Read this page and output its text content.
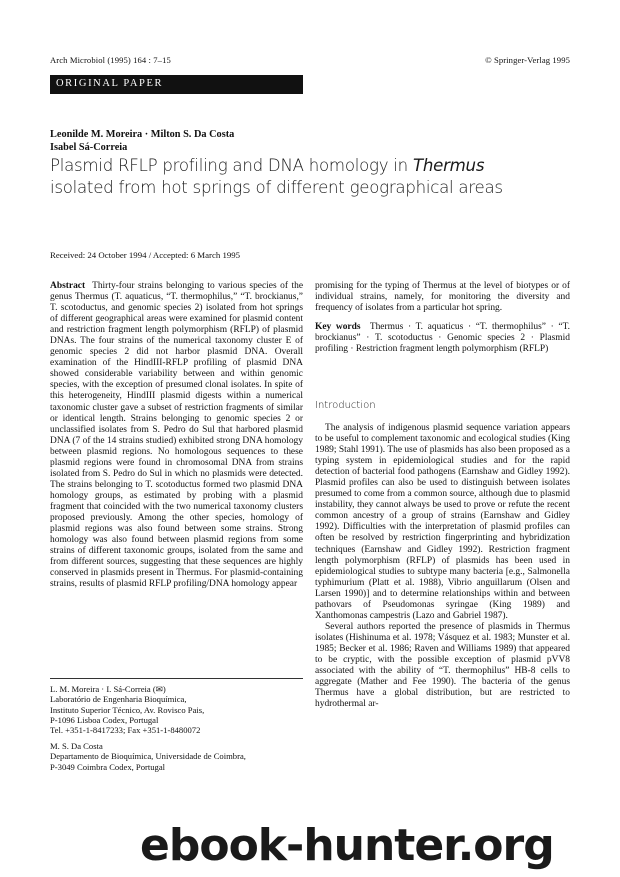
Arch Microbiol (1995) 164 : 7–15	© Springer-Verlag 1995
ORIGINAL PAPER
Leonilde M. Moreira · Milton S. Da Costa
Isabel Sá-Correia
Plasmid RFLP profiling and DNA homology in Thermus
isolated from hot springs of different geographical areas
Received: 24 October 1994 / Accepted: 6 March 1995

Abstract Thirty-four strains belonging to various species of the genus Thermus (T. aquaticus, “T. thermophilus,” “T. brockianus,” T. scotoductus, and genomic species 2) isolated from hot springs of different geographical areas were examined for plasmid content and restriction fragment length polymorphism (RFLP) of plasmid DNAs. The four strains of the numerical taxonomy cluster E of genomic species 2 did not harbor plasmid DNA. Overall examination of the HindIII-RFLP profiling of plasmid DNA showed considerable variability between and within genomic species, with the exception of presumed clonal isolates. In spite of this heterogeneity, HindIII plasmid digests within a numerical taxonomic cluster gave a subset of restriction fragments of similar or identical length. Strains belonging to genomic species 2 or unclassified isolates from S. Pedro do Sul that harbored plasmid DNA (7 of the 14 strains studied) exhibited strong DNA homology between plasmid regions. No homologous sequences to these plasmid regions were found in chromosomal DNA from strains isolated from S. Pedro do Sul in which no plasmids were detected. The strains belonging to T. scotoductus formed two plasmid DNA homology groups, as estimated by probing with a plasmid fragment that coincided with the two numerical taxonomy clusters proposed previously. Among the other species, homology of plasmid regions was also found between some strains. Strong homology was also found between plasmid regions from some strains of different taxonomic groups, isolated from the same and from different sources, suggesting that these sequences are highly conserved in plasmids present in Thermus. For plasmid-containing strains, results of plasmid RFLP profiling/DNA homology appear

L. M. Moreira · I. Sá-Correia (✉)
Laboratório de Engenharia Bioquímica,
Instituto Superior Técnico, Av. Rovisco Pais,
P-1096 Lisboa Codex, Portugal
Tel. +351-1-8417233; Fax +351-1-8480072
M. S. Da Costa
Departamento de Bioquímica, Universidade de Coimbra,
P-3049 Coimbra Codex, Portugal

promising for the typing of Thermus at the level of biotypes or of individual strains, namely, for monitoring the diversity and frequency of isolates from a particular hot spring.

Key words Thermus · T. aquaticus · “T. thermophilus” · “T. brockianus” · T. scotoductus · Genomic species 2 · Plasmid profiling · Restriction fragment length polymorphism (RFLP)

Introduction

The analysis of indigenous plasmid sequence variation appears to be useful to complement taxonomic and ecological studies (King 1989; Stahl 1991). The use of plasmids has also been proposed as a typing system in epidemiological studies and for the rapid detection of bacterial food pathogens (Earnshaw and Gidley 1992). Plasmid profiles can also be used to distinguish between isolates presumed to come from a common source, although due to plasmid instability, they cannot always be used to prove or refute the recent common ancestry of a group of strains (Earnshaw and Gidley 1992). Difficulties with the interpretation of plasmid profiles can often be resolved by restriction fingerprinting and hybridization techniques (Earnshaw and Gidley 1992). Restriction fragment length polymorphism (RFLP) of plasmids has been used in epidemiological studies to subtype many bacteria [e.g., Salmonella typhimurium (Platt et al. 1988), Vibrio anguillarum (Olsen and Larsen 1990)] and to determine relationships within and between pathovars of Pseudomonas syringae (King 1989) and Xanthomonas campestris (Lazo and Gabriel 1987).

Several authors reported the presence of plasmids in Thermus isolates (Hishinuma et al. 1978; Vásquez et al. 1983; Munster et al. 1985; Becker et al. 1986; Raven and Williams 1989) that appeared to be cryptic, with the possible exception of plasmid pVV8 associated with the ability of “T. thermophilus” HB-8 cells to aggregate (Mather and Fee 1990). The bacteria of the genus Thermus have a global distribution, but are restricted to hydrothermal ar-

ebook-hunter.org
